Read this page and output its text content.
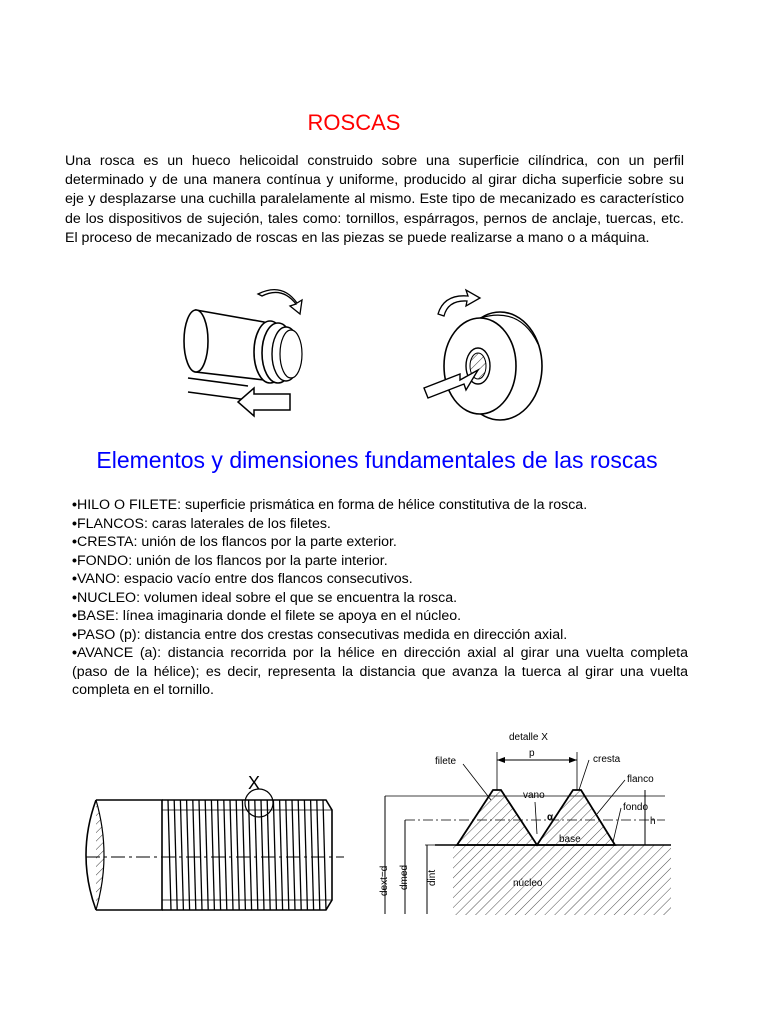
ROSCAS

Una rosca es un hueco helicoidal construido sobre una superficie cilíndrica, con un perfil determinado y de una manera contínua y uniforme, producido al girar dicha superficie sobre su eje y desplazarse una cuchilla paralelamente al mismo. Este tipo de mecanizado es característico de los dispositivos de sujeción, tales como: tornillos, espárragos, pernos de anclaje, tuercas, etc. El proceso de mecanizado de roscas en las piezas se puede realizarse a mano o a máquina.

Elementos y dimensiones fundamentales de las roscas
•HILO O FILETE: superficie prismática en forma de hélice constitutiva de la rosca.
•FLANCOS: caras laterales de los filetes.
•CRESTA: unión de los flancos por la parte exterior.
•FONDO: unión de los flancos por la parte interior.
•VANO: espacio vacío entre dos flancos consecutivos.
•NUCLEO: volumen ideal sobre el que se encuentra la rosca.
•BASE: línea imaginaria donde el filete se apoya en el núcleo.
•PASO (p): distancia entre dos crestas consecutivas medida en dirección axial.
•AVANCE (a): distancia recorrida por la hélice en dirección axial al girar una vuelta completa (paso de la hélice); es decir, representa la distancia que avanza la tuerca al girar una vuelta completa en el tornillo.
X
detalle X
dext=d dmed dint
p
h
filete	cresta
vano
flanco
fondo
α
base
núcleo
